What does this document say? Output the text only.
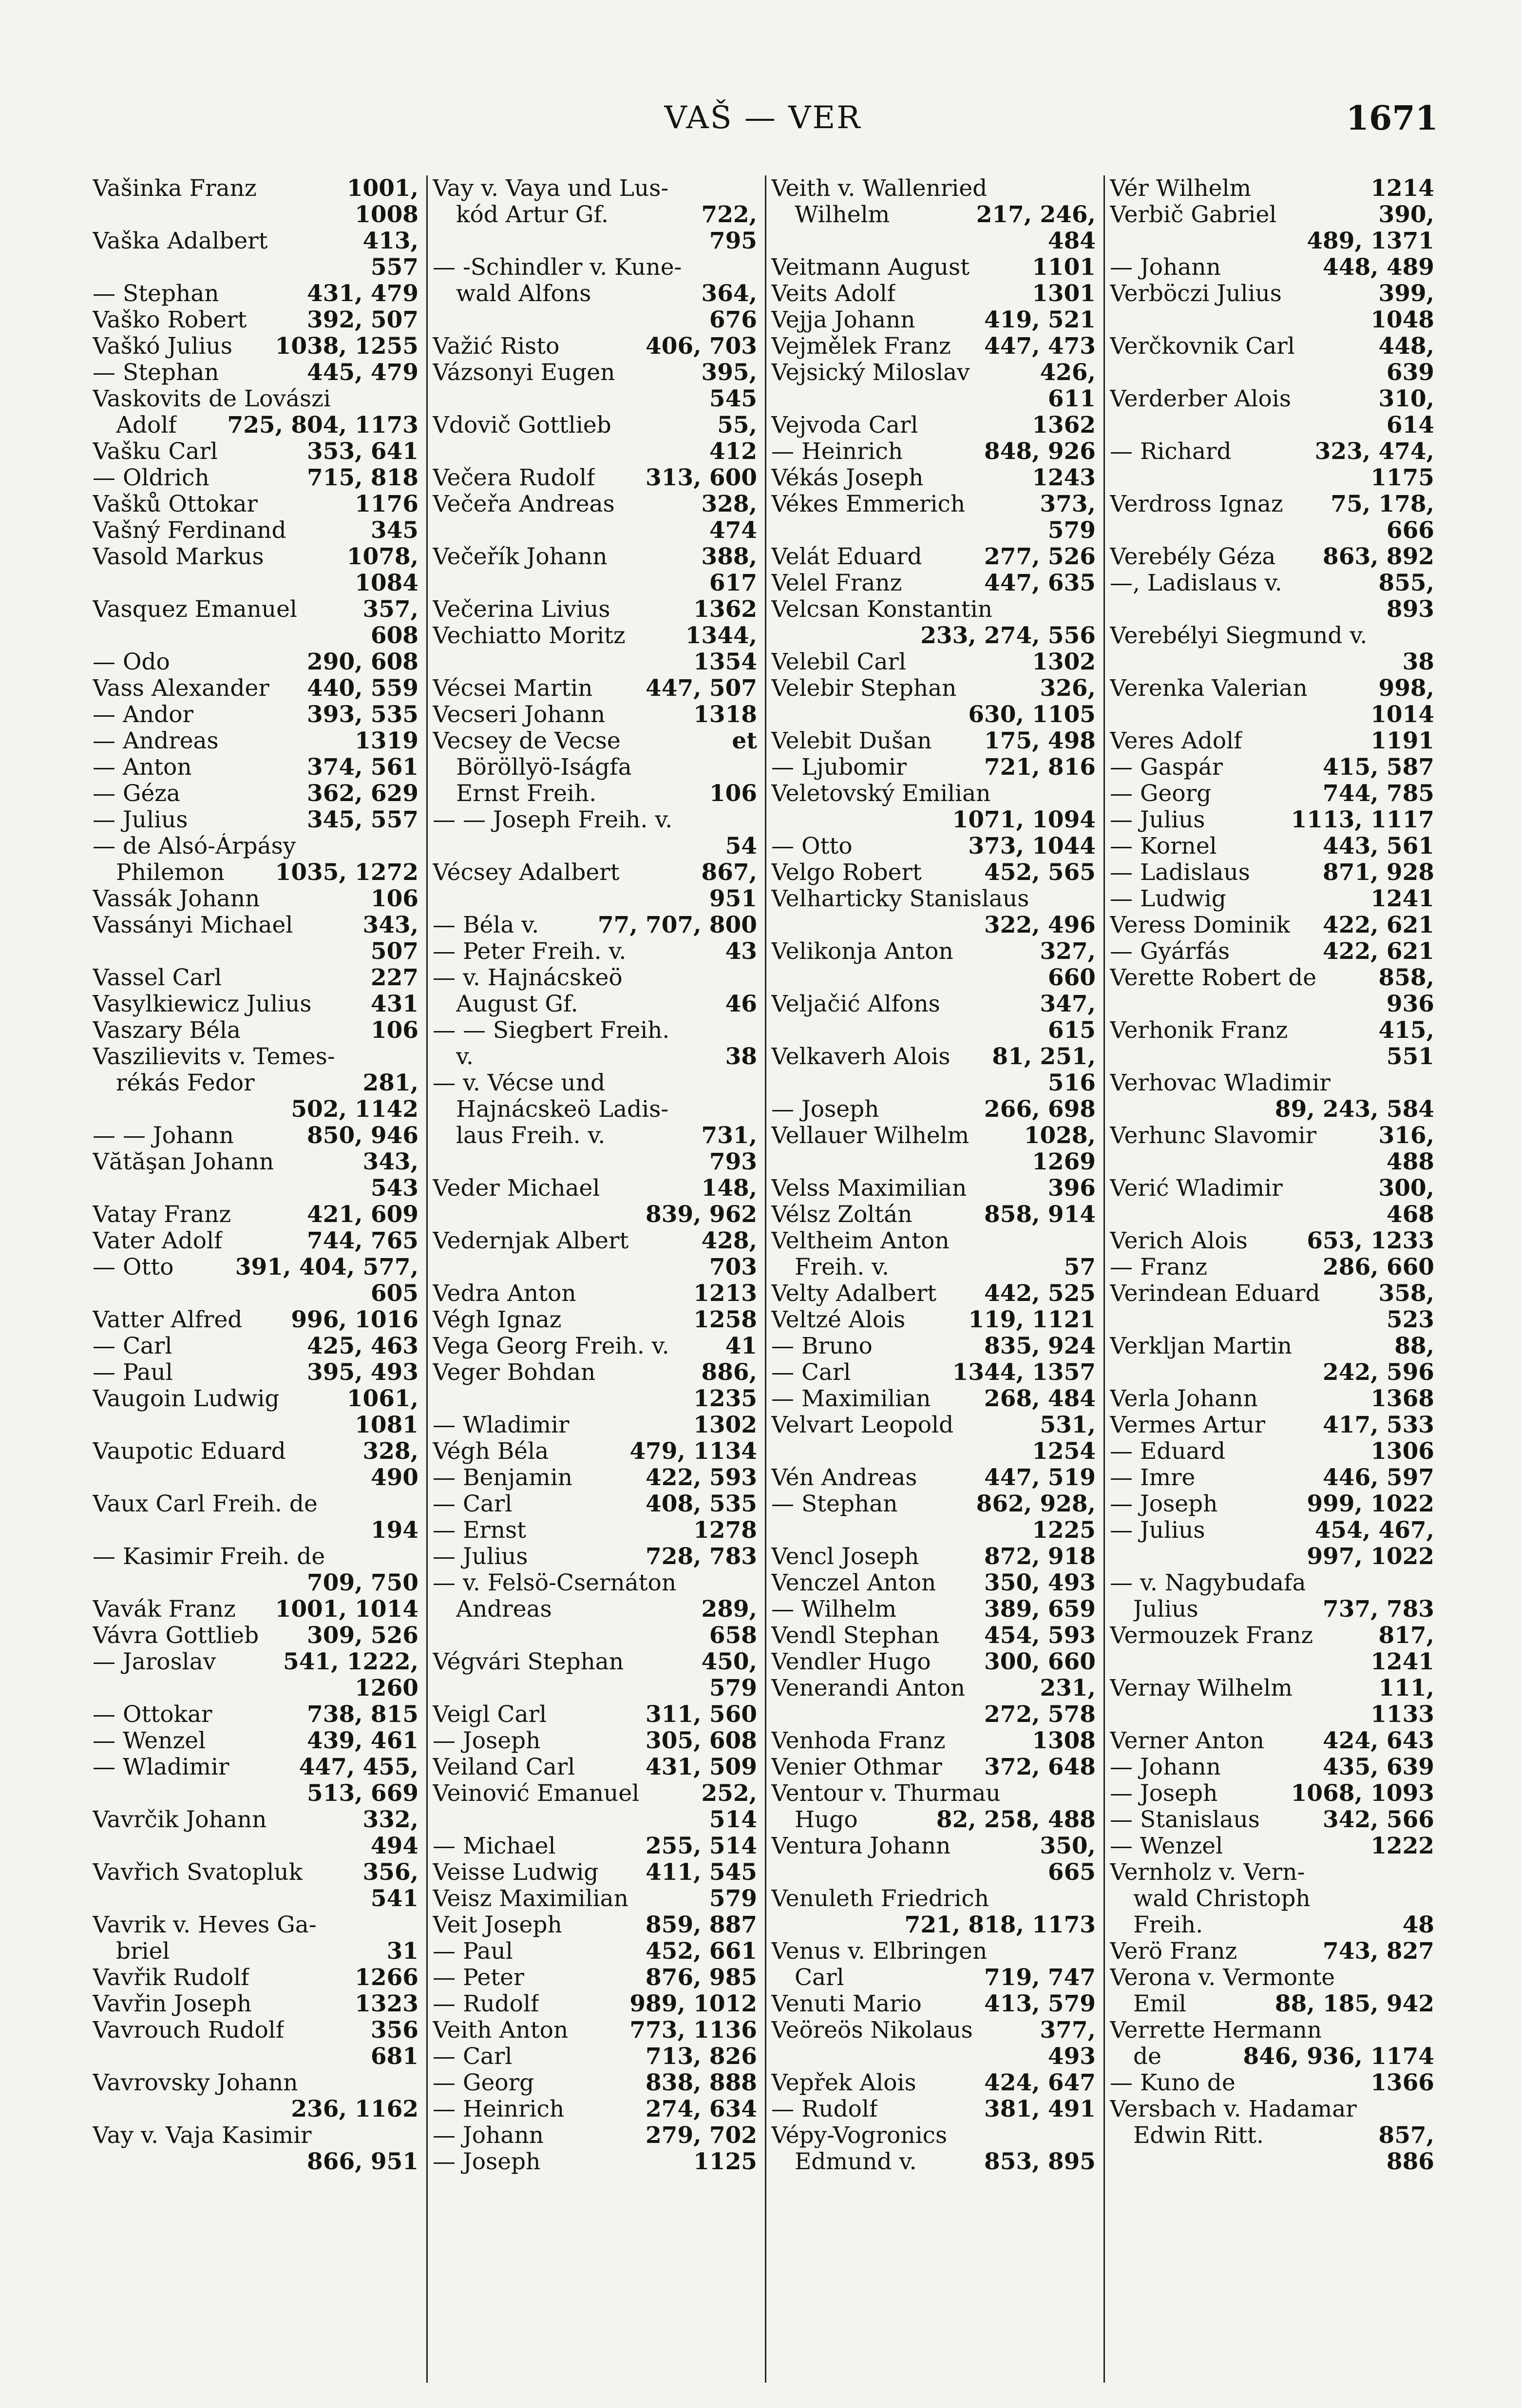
VAŠ — VER	1671
Vašinka Franz	1001,
1008
Vaška Adalbert	413,
557
— Stephan	431, 479
Vaško Robert	392, 507
Vaškó Julius 1038, 1255
— Stephan	445, 479
Vaskovits de Lovászi
Adolf 725, 804, 1173
Vašku Carl	353, 641
— Oldrich	715, 818
Vašků Ottokar	1176
Vašný Ferdinand	345
Vasold Markus	1078,
1084
Vasquez Emanuel	357,
608
— Odo	290, 608
Vass Alexander 440, 559
— Andor	393, 535
— Andreas	1319
— Anton	374, 561
— Géza	362, 629
— Julius	345, 557
— de Alsó-Árpásy
Philemon 1035, 1272
Vassák Johann	106
Vassányi Michael	343,
507
Vassel Carl	227
Vasylkiewicz Julius	431
Vaszary Béla	106
Vaszilievits v. Temes-
rékás Fedor	281,
502, 1142
— — Johann	850, 946
Vătăşan Johann	343,
543
Vatay Franz	421, 609
Vater Adolf	744, 765
— Otto	391, 404, 577,
605
Vatter Alfred 996, 1016
— Carl	425, 463
— Paul	395, 493
Vaugoin Ludwig	1061,
1081
Vaupotic Eduard	328,
490
Vaux Carl Freih. de
194
— Kasimir Freih. de
709, 750
Vavák Franz 1001, 1014
Vávra Gottlieb 309, 526
— Jaroslav	541, 1222,
1260
— Ottokar	738, 815
— Wenzel	439, 461
— Wladimir	447, 455,
513, 669
Vavrčik Johann	332,
494
Vavřich Svatopluk	356,
541
Vavrik v. Heves Ga-
briel	31
Vavřik Rudolf	1266
Vavřin Joseph	1323
Vavrouch Rudolf	356
681
Vavrovsky Johann
236, 1162
Vay v. Vaja Kasimir
866, 951
Vay v. Vaya und Lus-
kód Artur Gf.	722,
795
— -Schindler v. Kune-
wald Alfons	364,
676
Važić Risto	406, 703
Vázsonyi Eugen	395,
545
Vdovič Gottlieb	55,
412
Večera Rudolf 313, 600
Večeřa Andreas	328,
474
Večeřík Johann	388,
617
Večerina Livius	1362
Vechiatto Moritz	1344,
1354
Vécsei Martin 447, 507
Vecseri Johann	1318
Vecsey de Vecse	et
Böröllyö-Iságfa
Ernst Freih.	106
— — Joseph Freih. v.
54
Vécsey Adalbert	867,
951
— Béla v.	77, 707, 800
— Peter Freih. v.	43
— v. Hajnácskeö
August Gf.	46
— — Siegbert Freih.
v.	38
— v. Vécse und
Hajnácskeö Ladis-
laus Freih. v.	731,
793
Veder Michael	148,
839, 962
Vedernjak Albert	428,
703
Vedra Anton	1213
Végh Ignaz	1258
Vega Georg Freih. v. 41
Veger Bohdan	886,
1235
— Wladimir	1302
Végh Béla	479, 1134
— Benjamin	422, 593
— Carl	408, 535
— Ernst	1278
— Julius	728, 783
— v. Felsö-Csernáton
Andreas	289,
658
Végvári Stephan	450,
579
Veigl Carl	311, 560
— Joseph	305, 608
Veiland Carl	431, 509
Veinović Emanuel	252,
514
— Michael	255, 514
Veisse Ludwig 411, 545
Veisz Maximilian	579
Veit Joseph	859, 887
— Paul	452, 661
— Peter	876, 985
— Rudolf	989, 1012
Veith Anton	773, 1136
— Carl	713, 826
— Georg	838, 888
— Heinrich	274, 634
— Johann	279, 702
— Joseph	1125
Veith v. Wallenried
Wilhelm	217, 246,
484
Veitmann August	1101
Veits Adolf	1301
Vejja Johann	419, 521
Vejmělek Franz 447, 473
Vejsický Miloslav	426,
611
Vejvoda Carl	1362
— Heinrich	848, 926
Vékás Joseph	1243
Vékes Emmerich	373,
579
Velát Eduard	277, 526
Velel Franz	447, 635
Velcsan Konstantin
233, 274, 556
Velebil Carl	1302
Velebir Stephan	326,
630, 1105
Velebit Dušan 175, 498
— Ljubomir	721, 816
Veletovský Emilian
1071, 1094
— Otto	373, 1044
Velgo Robert	452, 565
Velharticky Stanislaus
322, 496
Velikonja Anton	327,
660
Veljačić Alfons	347,
615
Velkaverh Alois 81, 251,
516
— Joseph	266, 698
Vellauer Wilhelm 1028,
1269
Velss Maximilian	396
Vélsz Zoltán	858, 914
Veltheim Anton
Freih. v.	57
Velty Adalbert 442, 525
Veltzé Alois	119, 1121
— Bruno	835, 924
— Carl	1344, 1357
— Maximilian 268, 484
Velvart Leopold	531,
1254
Vén Andreas	447, 519
— Stephan	862, 928,
1225
Vencl Joseph	872, 918
Venczel Anton 350, 493
— Wilhelm	389, 659
Vendl Stephan 454, 593
Vendler Hugo 300, 660
Venerandi Anton	231,
272, 578
Venhoda Franz	1308
Venier Othmar 372, 648
Ventour v. Thurmau
Hugo	82, 258, 488
Ventura Johann	350,
665
Venuleth Friedrich
721, 818, 1173
Venus v. Elbringen
Carl	719, 747
Venuti Mario	413, 579
Veöreös Nikolaus	377,
493
Vepřek Alois	424, 647
— Rudolf	381, 491
Vépy-Vogronics
Edmund v.	853, 895
Vér Wilhelm	1214
Verbič Gabriel	390,
489, 1371
— Johann	448, 489
Verböczi Julius	399,
1048
Verčkovnik Carl	448,
639
Verderber Alois	310,
614
— Richard	323, 474,
1175
Verdross Ignaz 75, 178,
666
Verebély Géza 863, 892
—, Ladislaus v.	855,
893
Verebélyi Siegmund v.
38
Verenka Valerian	998,
1014
Veres Adolf	1191
— Gaspár	415, 587
— Georg	744, 785
— Julius	1113, 1117
— Kornel	443, 561
— Ladislaus	871, 928
— Ludwig	1241
Veress Dominik 422, 621
— Gyárfás	422, 621
Verette Robert de	858,
936
Verhonik Franz	415,
551
Verhovac Wladimir
89, 243, 584
Verhunc Slavomir	316,
488
Verić Wladimir	300,
468
Verich Alois	653, 1233
— Franz	286, 660
Verindean Eduard	358,
523
Verkljan Martin	88,
242, 596
Verla Johann	1368
Vermes Artur	417, 533
— Eduard	1306
— Imre	446, 597
— Joseph	999, 1022
— Julius	454, 467,
997, 1022
— v. Nagybudafa
Julius	737, 783
Vermouzek Franz	817,
1241
Vernay Wilhelm	111,
1133
Verner Anton	424, 643
— Johann	435, 639
— Joseph	1068, 1093
— Stanislaus	342, 566
— Wenzel	1222
Vernholz v. Vern-
wald Christoph
Freih.	48
Verö Franz	743, 827
Verona v. Vermonte
Emil	88, 185, 942
Verrette Hermann
de	846, 936, 1174
— Kuno de	1366
Versbach v. Hadamar
Edwin Ritt.	857,
886
